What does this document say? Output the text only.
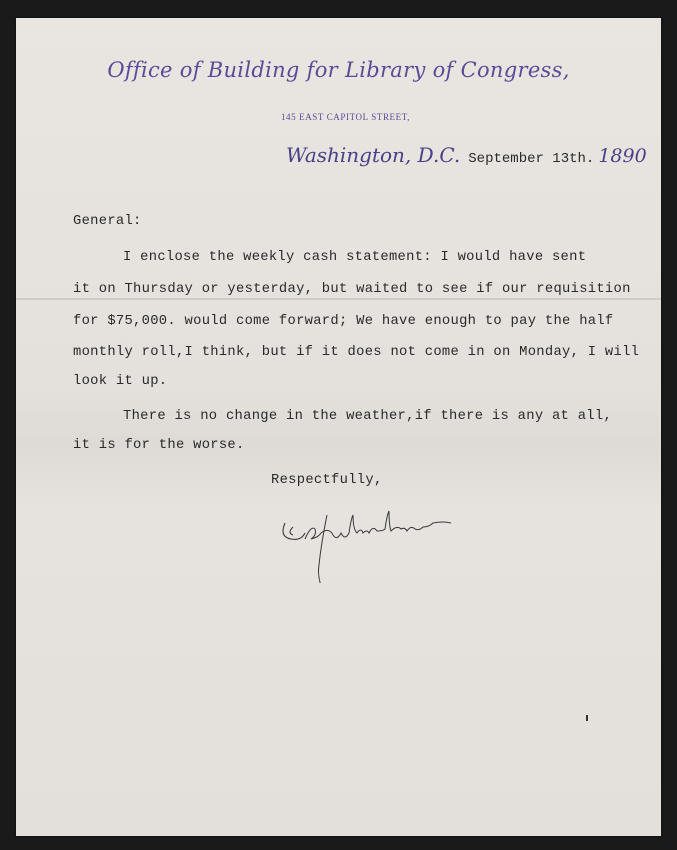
Office of Building for Library of Congress,
145 EAST CAPITOL STREET,
Washington, D.C. September 13th. 1890
General:
I enclose the weekly cash statement: I would have sent
it on Thursday or yesterday, but waited to see if our requisition
for $75,000. would come forward; We have enough to pay the half
monthly roll,I think, but if it does not come in on Monday, I will
look it up.
There is no change in the weather,if there is any at all,
it is for the worse.
Respectfully,
